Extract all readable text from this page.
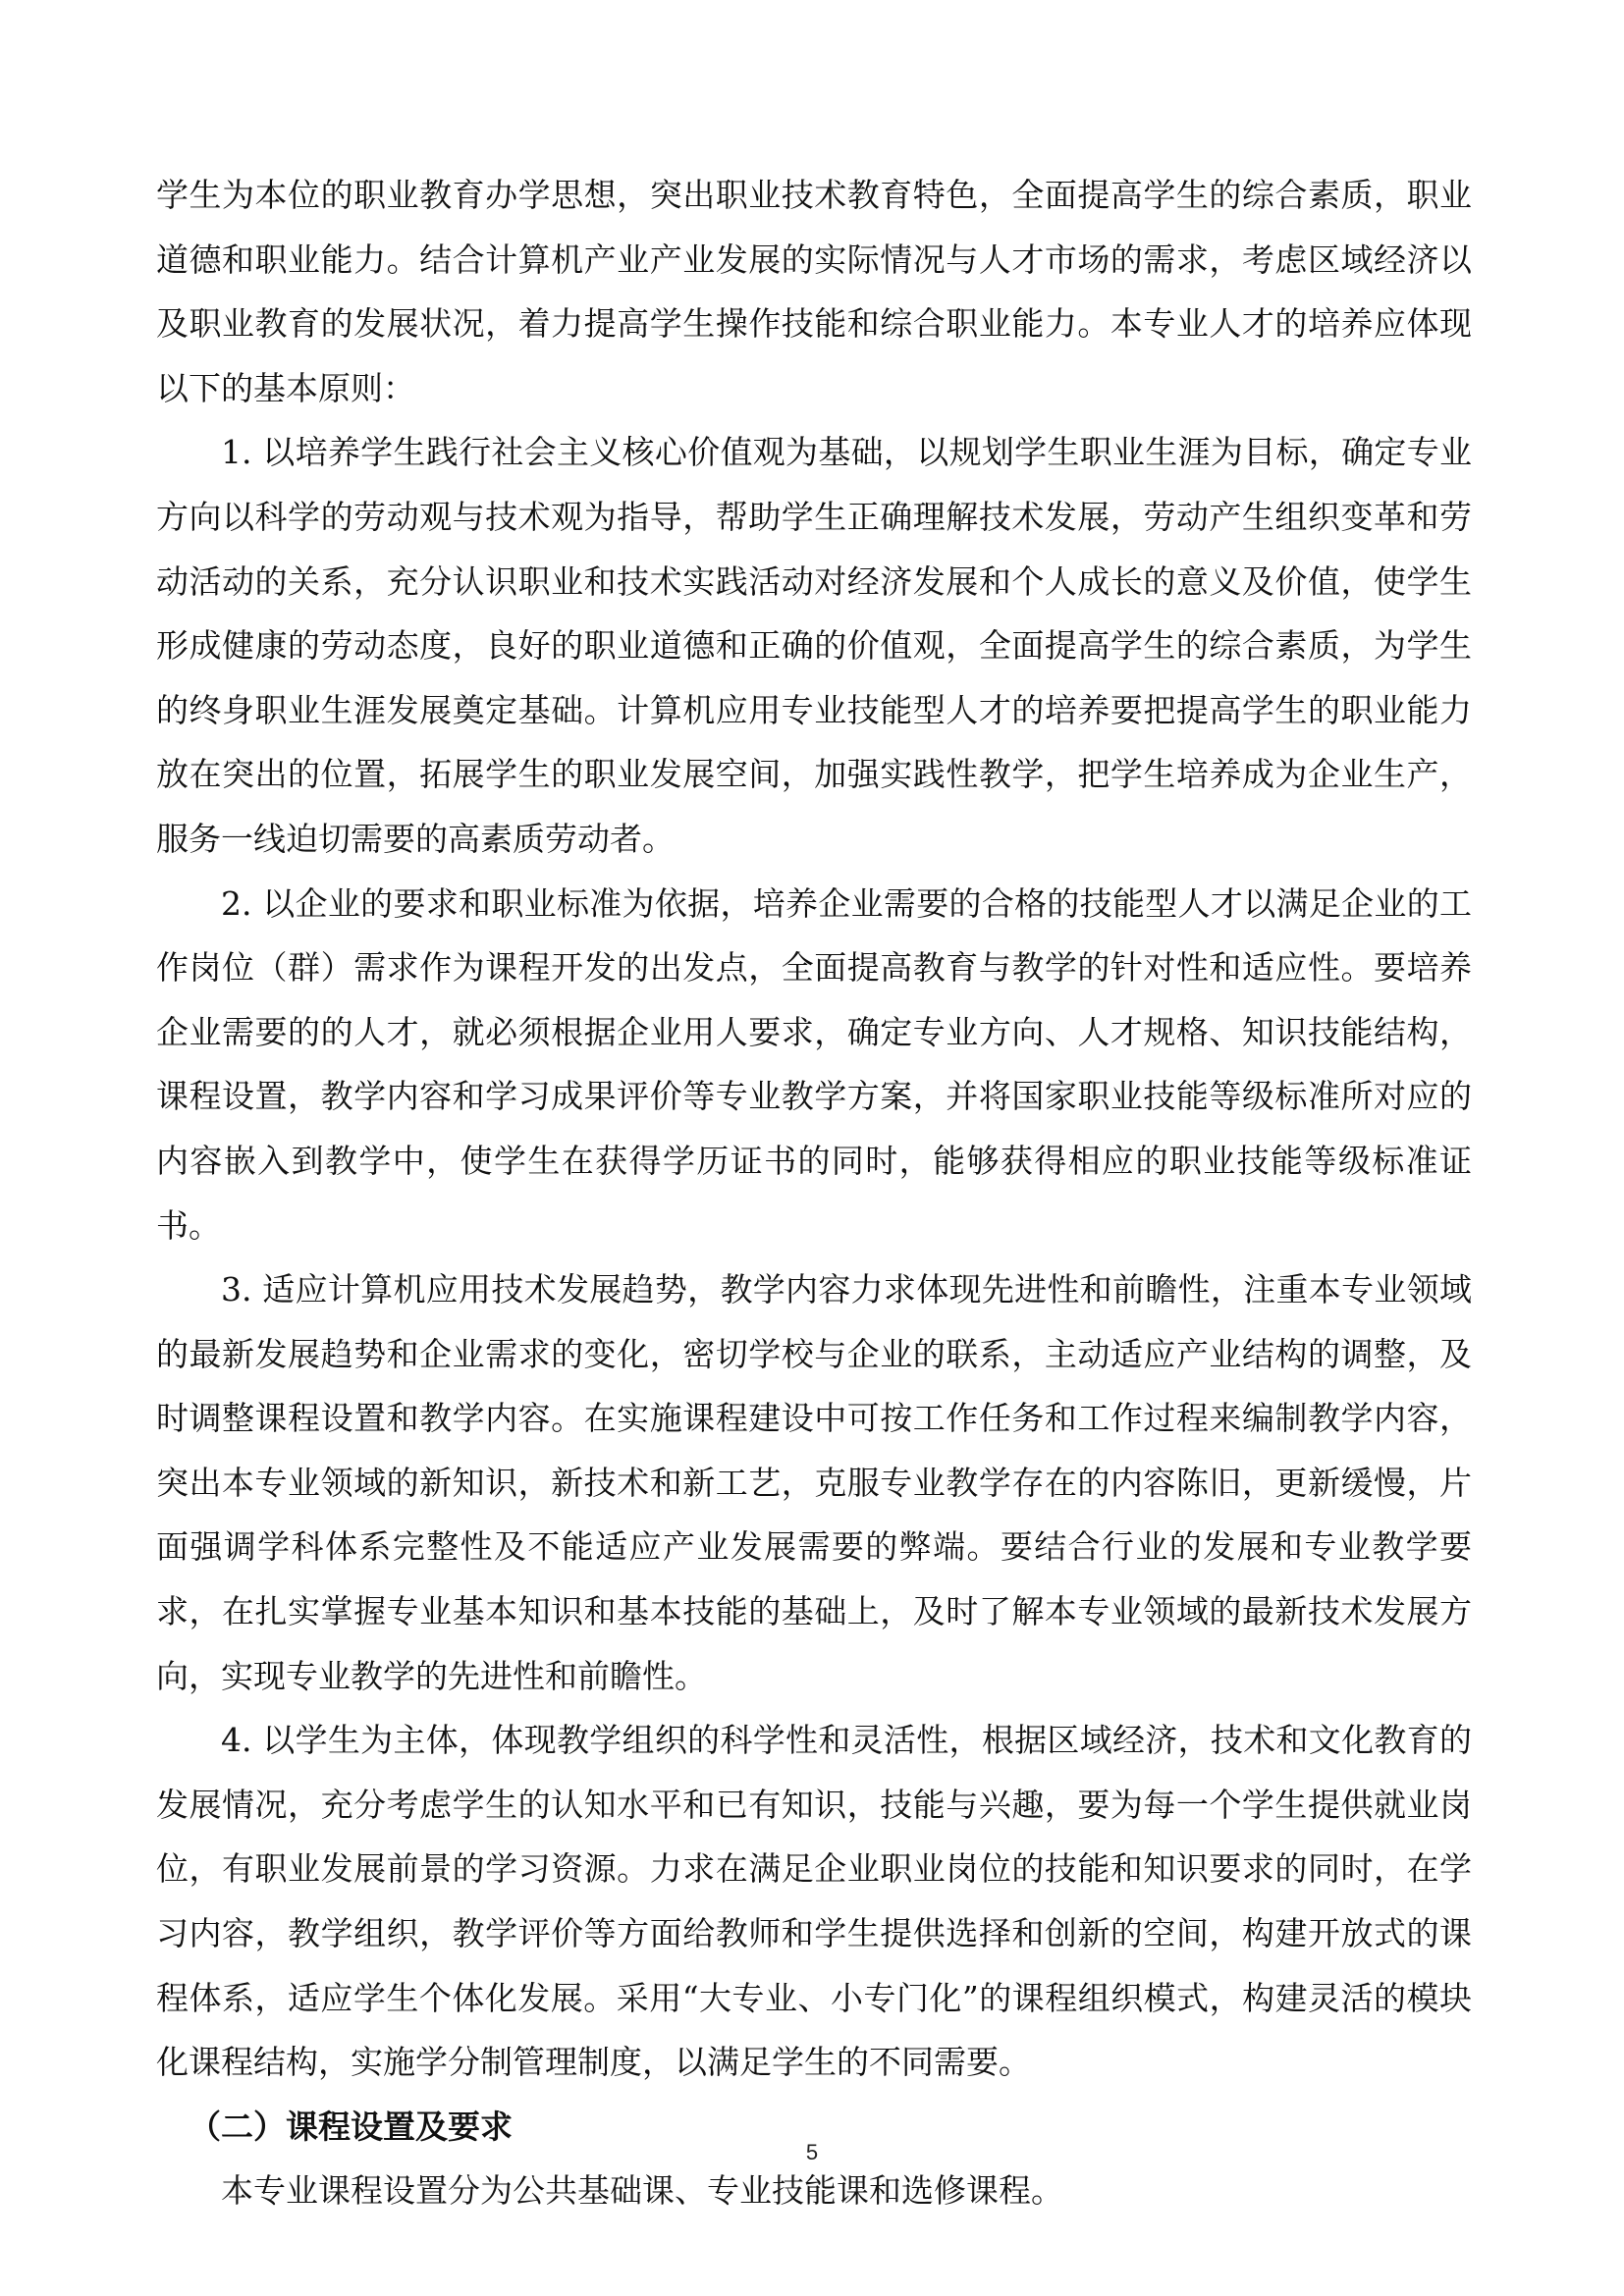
学生为本位的职业教育办学思想，突出职业技术教育特色，全面提高学生的综合素质，职业道德和职业能力。结合计算机产业产业发展的实际情况与人才市场的需求，考虑区域经济以及职业教育的发展状况，着力提高学生操作技能和综合职业能力。本专业人才的培养应体现以下的基本原则：

1. 以培养学生践行社会主义核心价值观为基础，以规划学生职业生涯为目标，确定专业方向以科学的劳动观与技术观为指导，帮助学生正确理解技术发展，劳动产生组织变革和劳动活动的关系，充分认识职业和技术实践活动对经济发展和个人成长的意义及价值，使学生形成健康的劳动态度，良好的职业道德和正确的价值观，全面提高学生的综合素质，为学生的终身职业生涯发展奠定基础。计算机应用专业技能型人才的培养要把提高学生的职业能力放在突出的位置，拓展学生的职业发展空间，加强实践性教学，把学生培养成为企业生产，服务一线迫切需要的高素质劳动者。

2. 以企业的要求和职业标准为依据，培养企业需要的合格的技能型人才以满足企业的工作岗位（群）需求作为课程开发的出发点，全面提高教育与教学的针对性和适应性。要培养企业需要的的人才，就必须根据企业用人要求，确定专业方向、人才规格、知识技能结构，课程设置，教学内容和学习成果评价等专业教学方案，并将国家职业技能等级标准所对应的内容嵌入到教学中，使学生在获得学历证书的同时，能够获得相应的职业技能等级标准证书。

3. 适应计算机应用技术发展趋势，教学内容力求体现先进性和前瞻性，注重本专业领域的最新发展趋势和企业需求的变化，密切学校与企业的联系，主动适应产业结构的调整，及时调整课程设置和教学内容。在实施课程建设中可按工作任务和工作过程来编制教学内容，突出本专业领域的新知识，新技术和新工艺，克服专业教学存在的内容陈旧，更新缓慢，片面强调学科体系完整性及不能适应产业发展需要的弊端。要结合行业的发展和专业教学要求，在扎实掌握专业基本知识和基本技能的基础上，及时了解本专业领域的最新技术发展方向，实现专业教学的先进性和前瞻性。

4. 以学生为主体，体现教学组织的科学性和灵活性，根据区域经济，技术和文化教育的发展情况，充分考虑学生的认知水平和已有知识，技能与兴趣，要为每一个学生提供就业岗位，有职业发展前景的学习资源。力求在满足企业职业岗位的技能和知识要求的同时，在学习内容，教学组织，教学评价等方面给教师和学生提供选择和创新的空间，构建开放式的课程体系，适应学生个体化发展。采用“大专业、小专门化”的课程组织模式，构建灵活的模块化课程结构，实施学分制管理制度，以满足学生的不同需要。

（二）课程设置及要求

本专业课程设置分为公共基础课、专业技能课和选修课程。

5
